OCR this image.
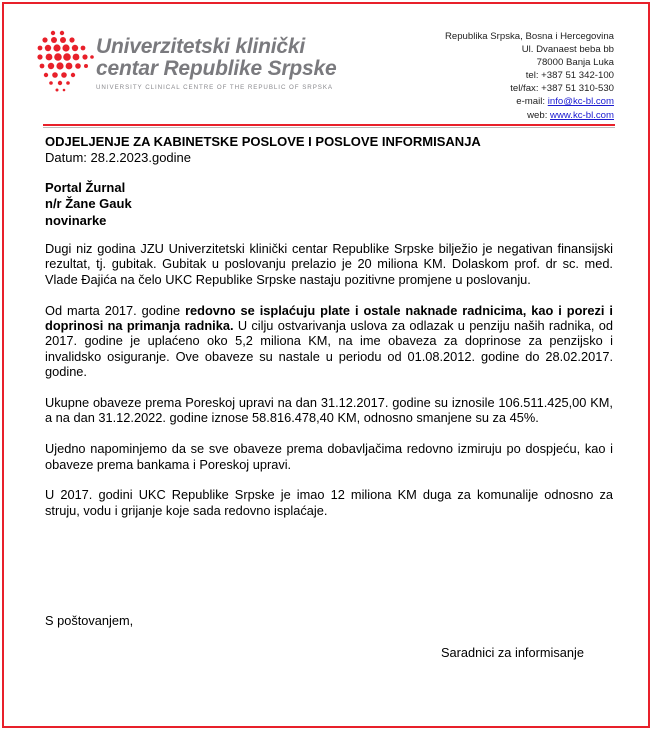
Univerzitetski klinički
centar Republike Srpske
UNIVERSITY CLINICAL CENTRE OF THE REPUBLIC OF SRPSKA
Republika Srpska, Bosna i Hercegovina
Ul. Dvanaest beba bb
78000 Banja Luka
tel: +387 51 342-100
tel/fax: +387 51 310-530
e-mail: info@kc-bl.com
web: www.kc-bl.com
ODJELJENJE ZA KABINETSKE POSLOVE I POSLOVE INFORMISANJA
Datum: 28.2.2023.godine
Portal Žurnal
n/r Žane Gauk
novinarke

Dugi niz godina JZU Univerzitetski klinički centar Republike Srpske bilježio je negativan finansijski rezultat, tj. gubitak. Gubitak u poslovanju prelazio je 20 miliona KM. Dolaskom prof. dr sc. med. Vlade Đajića na čelo UKC Republike Srpske nastaju pozitivne promjene u poslovanju.

Od marta 2017. godine redovno se isplaćuju plate i ostale naknade radnicima, kao i porezi i doprinosi na primanja radnika. U cilju ostvarivanja uslova za odlazak u penziju naših radnika, od 2017. godine je uplaćeno oko 5,2 miliona KM, na ime obaveza za doprinose za penzijsko i invalidsko osiguranje. Ove obaveze su nastale u periodu od 01.08.2012. godine do 28.02.2017. godine.

Ukupne obaveze prema Poreskoj upravi na dan 31.12.2017. godine su iznosile 106.511.425,00 KM, a na dan 31.12.2022. godine iznose 58.816.478,40 KM, odnosno smanjene su za 45%.

Ujedno napominjemo da se sve obaveze prema dobavljačima redovno izmiruju po dospjeću, kao i obaveze prema bankama i Poreskoj upravi.

U 2017. godini UKC Republike Srpske je imao 12 miliona KM duga za komunalije odnosno za struju, vodu i grijanje koje sada redovno isplaćaje.

S poštovanjem,
Saradnici za informisanje
